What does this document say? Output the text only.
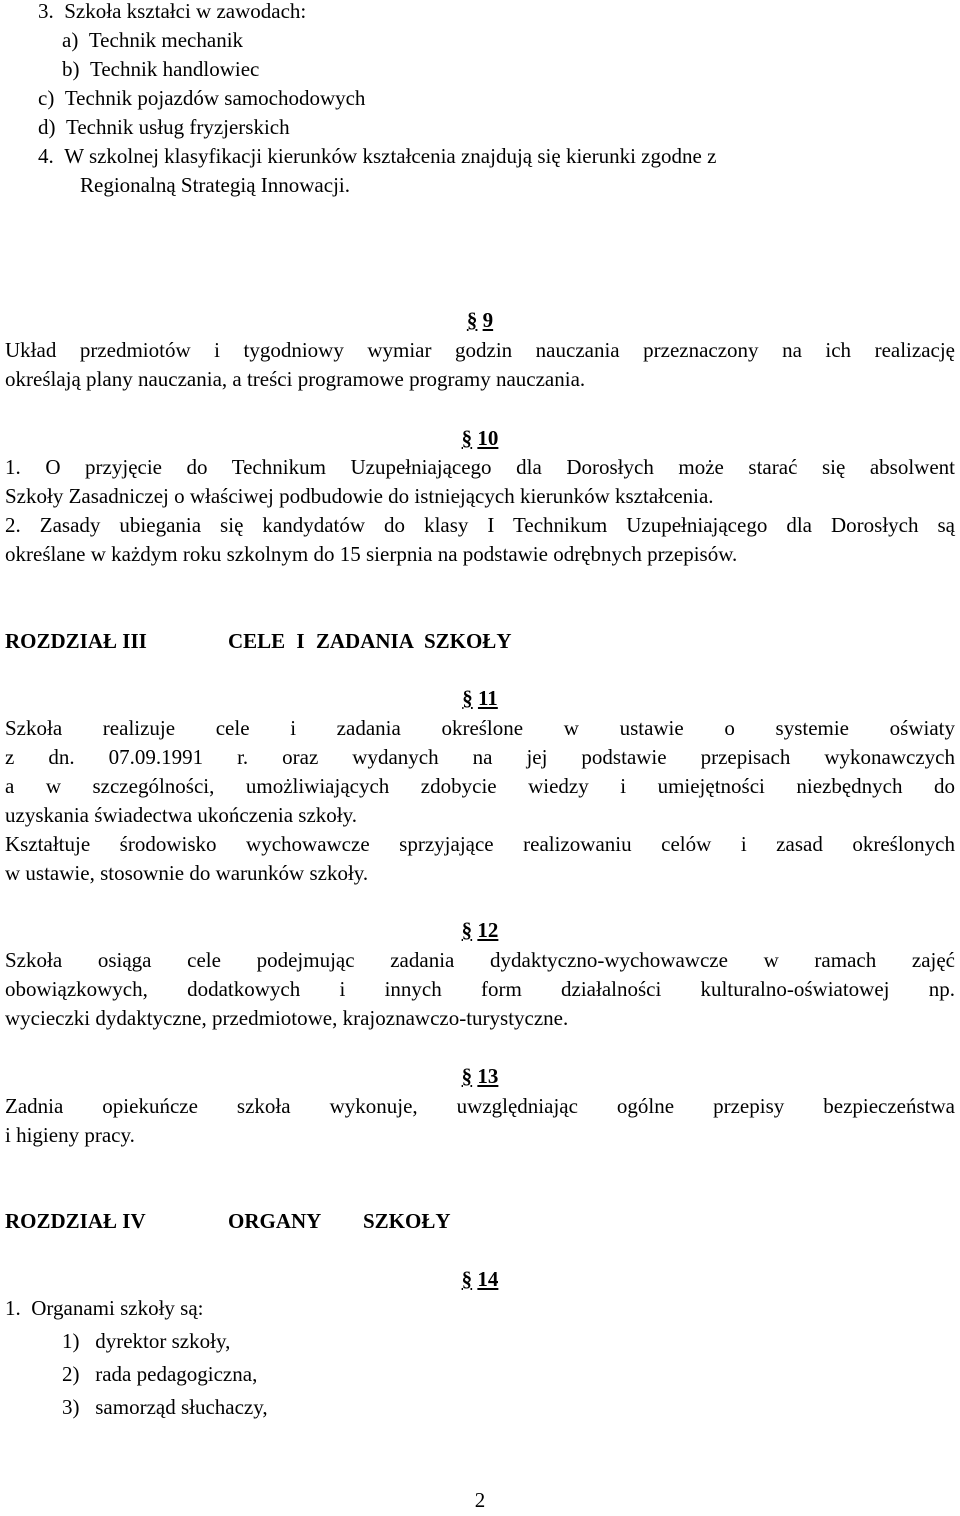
3.  Szkoła kształci w zawodach:
a)  Technik mechanik
b)  Technik handlowiec
c)  Technik pojazdów samochodowych
d)  Technik usług fryzjerskich
4.  W szkolnej klasyfikacji kierunków kształcenia znajdują się kierunki zgodne z
Regionalną Strategią Innowacji.
§ 9
Układ przedmiotów i tygodniowy wymiar godzin nauczania przeznaczony na ich realizację
określają plany nauczania, a treści programowe programy nauczania.
§ 10
1. O przyjęcie do Technikum Uzupełniającego dla Dorosłych może starać się absolwent
Szkoły Zasadniczej o właściwej podbudowie do istniejących kierunków kształcenia.
2. Zasady ubiegania się kandydatów do klasy I Technikum Uzupełniającego dla Dorosłych są
określane w każdym roku szkolnym do 15 sierpnia na podstawie odrębnych przepisów.
ROZDZIAŁ III	CELE I ZADANIA SZKOŁY
§ 11
Szkoła realizuje cele i zadania określone w ustawie o systemie oświaty
z dn. 07.09.1991 r. oraz wydanych na jej podstawie przepisach wykonawczych
a w szczególności, umożliwiających zdobycie wiedzy i umiejętności niezbędnych do
uzyskania świadectwa ukończenia szkoły.
Kształtuje środowisko wychowawcze sprzyjające realizowaniu celów i zasad określonych
w ustawie, stosownie do warunków szkoły.
§ 12
Szkoła osiąga cele podejmując zadania dydaktyczno-wychowawcze w ramach zajęć
obowiązkowych, dodatkowych i innych form działalności kulturalno-oświatowej np.
wycieczki dydaktyczne, przedmiotowe, krajoznawczo-turystyczne.
§ 13
Zadnia opiekuńcze szkoła wykonuje, uwzględniając ogólne przepisy bezpieczeństwa
i higieny pracy.
ROZDZIAŁ IV	ORGANY SZKOŁY
§ 14
1.  Organami szkoły są:
1)   dyrektor szkoły,
2)   rada pedagogiczna,
3)   samorząd słuchaczy,
2
